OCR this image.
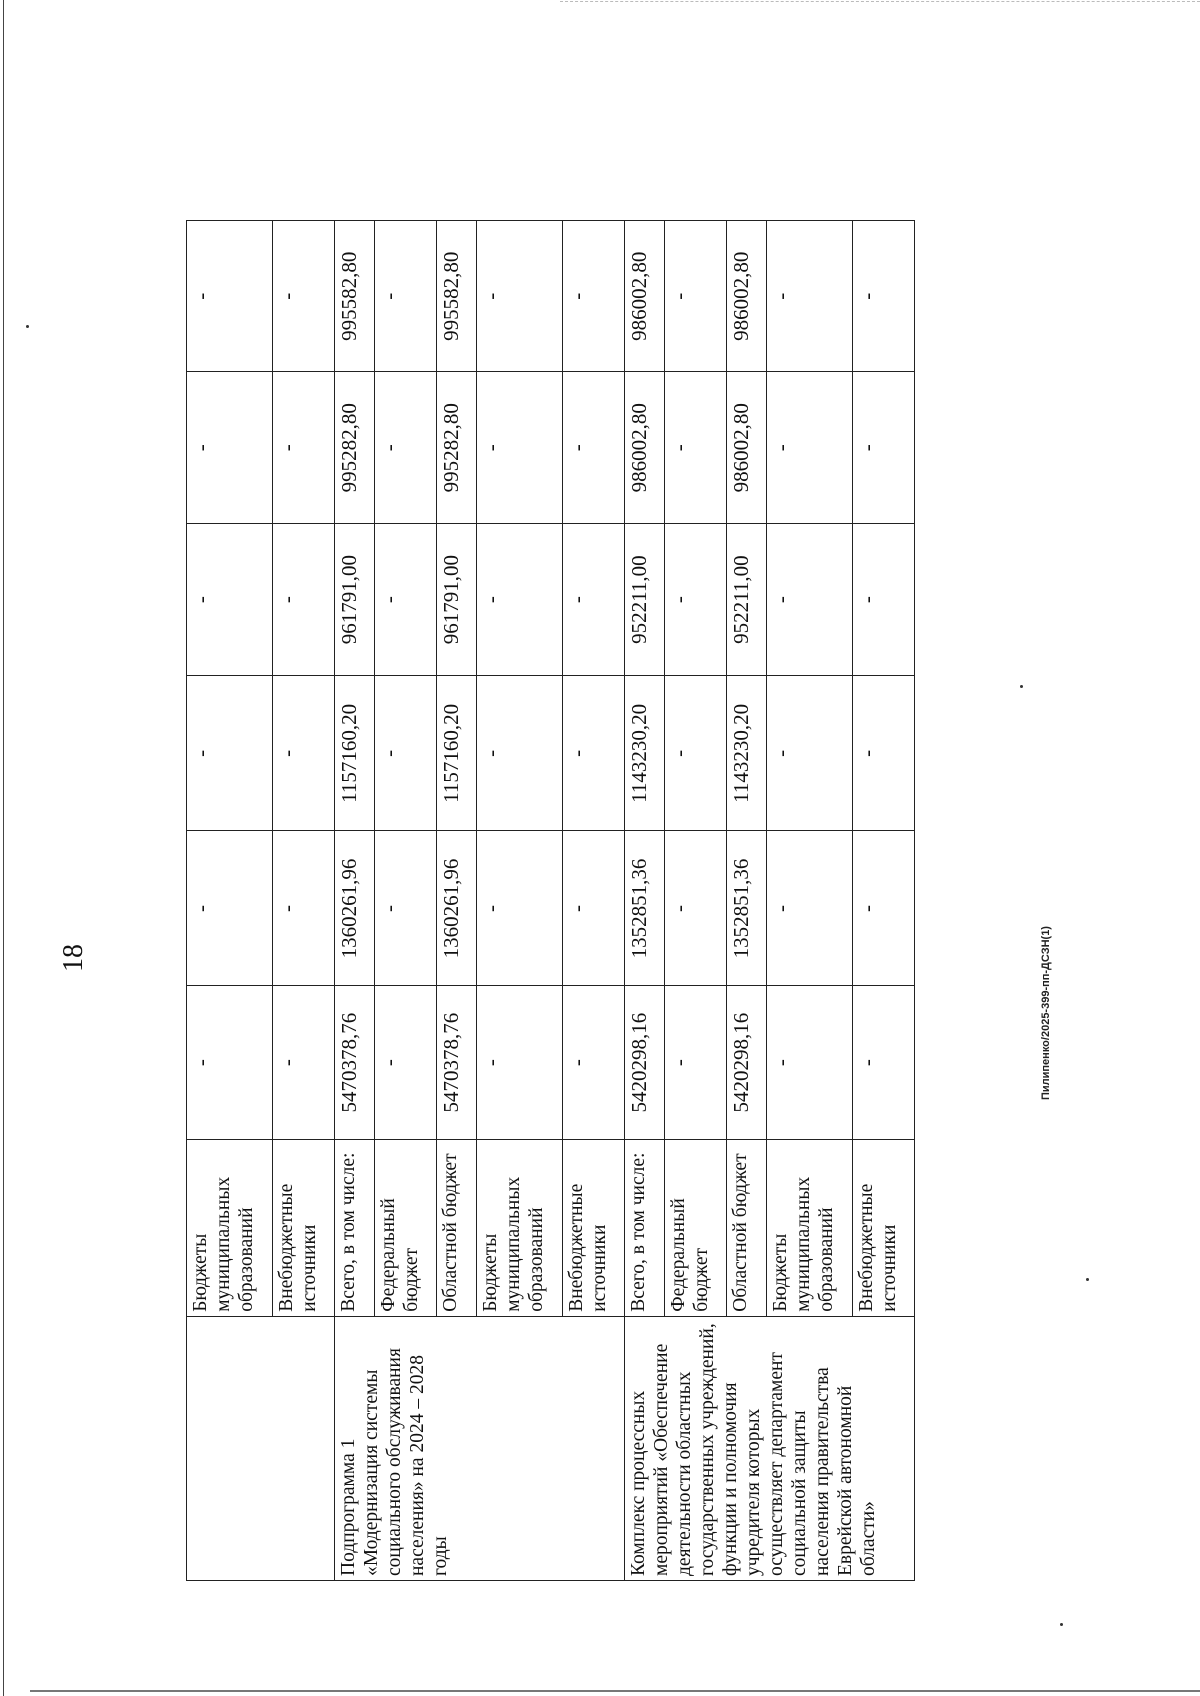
18
	Бюджеты муниципальных образований	-	-	-	-	-	-
	Внебюджетные источники	-	-	-	-	-	-
Подпрограмма 1 «Модернизация системы социального обслуживания населения» на 2024 – 2028 годы	Всего, в том числе:	5470378,76	1360261,96	1157160,20	961791,00	995282,80	995582,80
	Федеральный бюджет	-	-	-	-	-	-
	Областной бюджет	5470378,76	1360261,96	1157160,20	961791,00	995282,80	995582,80
	Бюджеты муниципальных образований	-	-	-	-	-	-
	Внебюджетные источники	-	-	-	-	-	-
Комплекс процессных мероприятий «Обеспечение деятельности областных государственных учреждений, функции и полномочия учредителя которых осуществляет департамент социальной защиты населения правительства Еврейской автономной области»	Всего, в том числе:	5420298,16	1352851,36	1143230,20	952211,00	986002,80	986002,80
	Федеральный бюджет	-	-	-	-	-	-
	Областной бюджет	5420298,16	1352851,36	1143230,20	952211,00	986002,80	986002,80
	Бюджеты муниципальных образований	-	-	-	-	-	-
	Внебюджетные источники	-	-	-	-	-	-
Пилипенко/2025-399-пп-ДСЗН(1)
